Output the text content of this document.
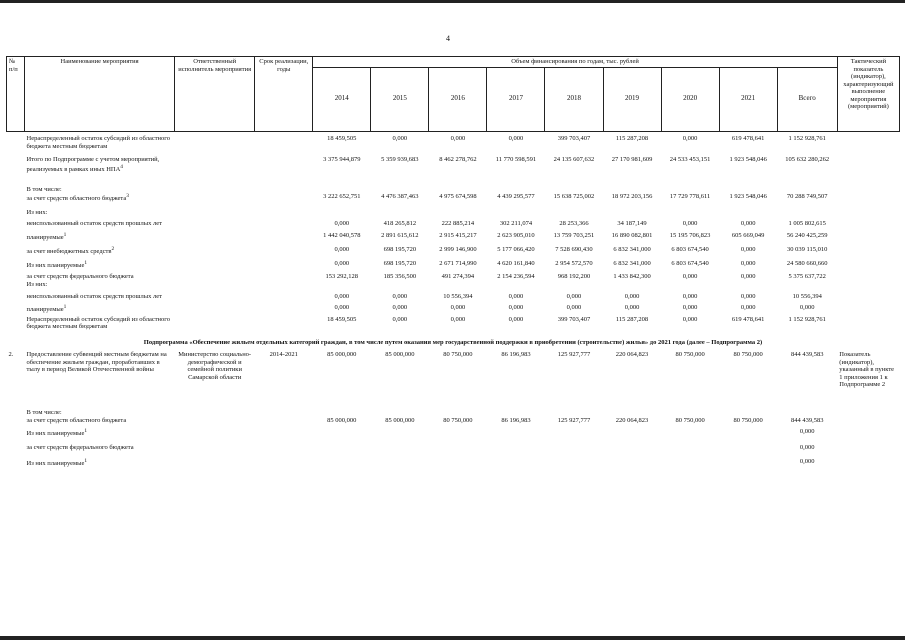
4
№ п/п	Наименование мероприятия	Ответственный исполнитель мероприятия	Срок реализации, годы	Объем финансирования по годам, тыс. рублей									Тактический показатель (индикатор), характеризующий выполнение мероприятия (мероприятий)
				2014	2015	2016	2017	2018	2019	2020	2021	Всего	

	Нераспределенный остаток субсидий из областного бюджета местным бюджетам			18 459,505	0,000	0,000	0,000	399 703,407	115 287,208	0,000	619 478,641	1 152 928,761	

	Итого по Подпрограмме с учетом мероприятий, реализуемых в рамках иных НПА$^4$			3 375 944,879	5 359 939,683	8 462 278,762	11 770 598,591	24 135 607,632	27 170 981,609	24 533 453,151	1 923 548,046	105 632 280,262	

	В том числе:												
	за счет средств областного бюджета$^3$			3 222 652,751	4 476 387,463	4 975 674,598	4 439 295,577	15 638 725,002	18 972 203,156	17 729 778,611	1 923 548,046	70 288 749,507	

	Из них:												

	неиспользованный остаток средств прошлых лет			0,000	418 265,812	222 885,214	302 211,074	28 253,366	34 187,149	0,000	0,000	1 005 802,615	

	планируемые$^1$			1 442 040,578	2 891 615,612	2 915 415,217	2 623 905,010	13 759 703,251	16 890 082,801	15 195 706,823	605 669,049	56 240 425,259	

	за счет внебюджетных средств$^2$			0,000	698 195,720	2 999 146,900	5 177 066,420	7 528 690,430	6 832 341,000	6 803 674,540	0,000	30 039 115,010	

	Из них планируемые$^1$			0,000	698 195,720	2 671 714,990	4 620 161,840	2 954 572,570	6 832 341,000	6 803 674,540	0,000	24 580 660,660	

	за счет средств федерального бюджета			153 292,128	185 356,500	491 274,394	2 154 236,594	968 192,200	1 433 842,300	0,000	0,000	5 375 637,722	
	Из них:												

	неиспользованный остаток средств прошлых лет			0,000	0,000	10 556,394	0,000	0,000	0,000	0,000	0,000	10 556,394	

	планируемые$^1$			0,000	0,000	0,000	0,000	0,000	0,000	0,000	0,000	0,000	

	Нераспределенный остаток субсидий из областного бюджета местным бюджетам			18 459,505	0,000	0,000	0,000	399 703,407	115 287,208	0,000	619 478,641	1 152 928,761	
Подпрограмма «Обеспечение жильем отдельных категорий граждан, в том числе путем оказания мер государственной поддержки в приобретении (строительстве) жилья» до 2021 года (далее – Подпрограмма 2)													
2.	Предоставление субвенций местным бюджетам на обеспечение жильем граждан, проработавших в тылу в период Великой Отечественной войны	Министерство социально-демографической и семейной политики Самарской области	2014-2021	85 000,000	85 000,000	80 750,000	86 196,983	125 927,777	220 064,823	80 750,000	80 750,000	844 439,583	Показатель (индикатор), указанный в пункте 1 приложения 1 к Подпрограмме 2

	В том числе:												
	за счет средств областного бюджета			85 000,000	85 000,000	80 750,000	86 196,983	125 927,777	220 064,823	80 750,000	80 750,000	844 439,583	

	Из них планируемые$^1$											0,000	

	за счет средств федерального бюджета											0,000	

	Из них планируемые$^1$											0,000	
